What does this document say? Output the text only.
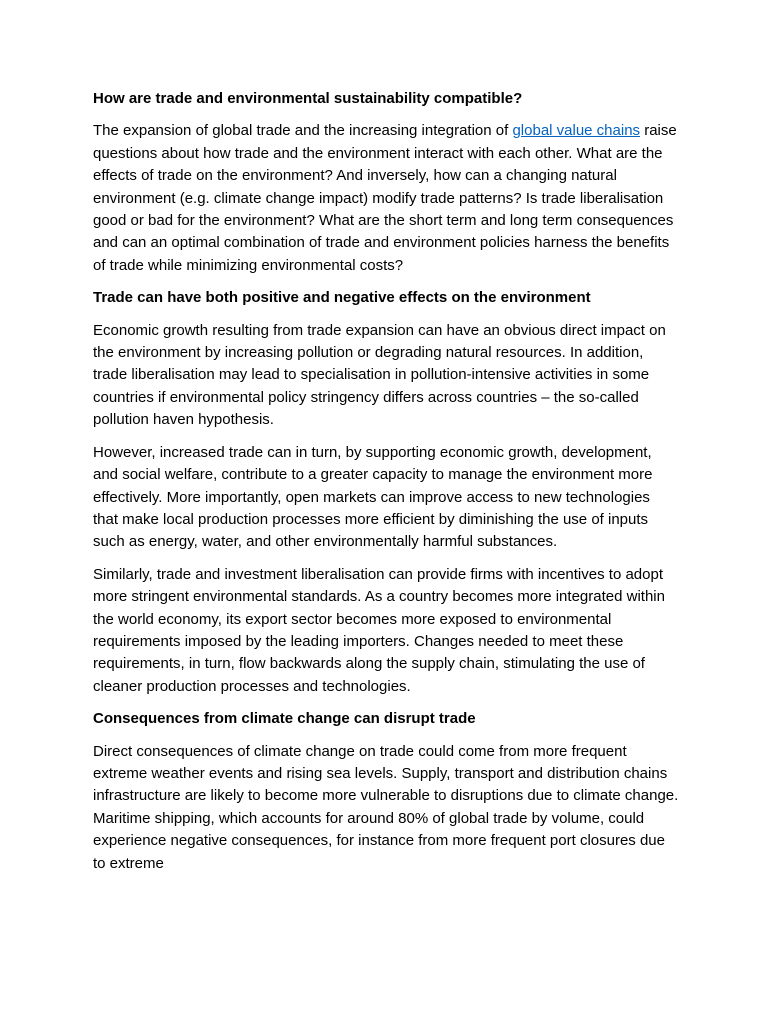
How are trade and environmental sustainability compatible?

The expansion of global trade and the increasing integration of global value chains raise questions about how trade and the environment interact with each other. What are the effects of trade on the environment? And inversely, how can a changing natural environment (e.g. climate change impact) modify trade patterns? Is trade liberalisation good or bad for the environment? What are the short term and long term consequences and can an optimal combination of trade and environment policies harness the benefits of trade while minimizing environmental costs?

Trade can have both positive and negative effects on the environment

Economic growth resulting from trade expansion can have an obvious direct impact on the environment by increasing pollution or degrading natural resources. In addition, trade liberalisation may lead to specialisation in pollution-intensive activities in some countries if environmental policy stringency differs across countries – the so-called pollution haven hypothesis.

However, increased trade can in turn, by supporting economic growth, development, and social welfare, contribute to a greater capacity to manage the environment more effectively. More importantly, open markets can improve access to new technologies that make local production processes more efficient by diminishing the use of inputs such as energy, water, and other environmentally harmful substances.

Similarly, trade and investment liberalisation can provide firms with incentives to adopt more stringent environmental standards. As a country becomes more integrated within the world economy, its export sector becomes more exposed to environmental requirements imposed by the leading importers. Changes needed to meet these requirements, in turn, flow backwards along the supply chain, stimulating the use of cleaner production processes and technologies.

Consequences from climate change can disrupt trade

Direct consequences of climate change on trade could come from more frequent extreme weather events and rising sea levels. Supply, transport and distribution chains infrastructure are likely to become more vulnerable to disruptions due to climate change. Maritime shipping, which accounts for around 80% of global trade by volume, could experience negative consequences, for instance from more frequent port closures due to extreme
